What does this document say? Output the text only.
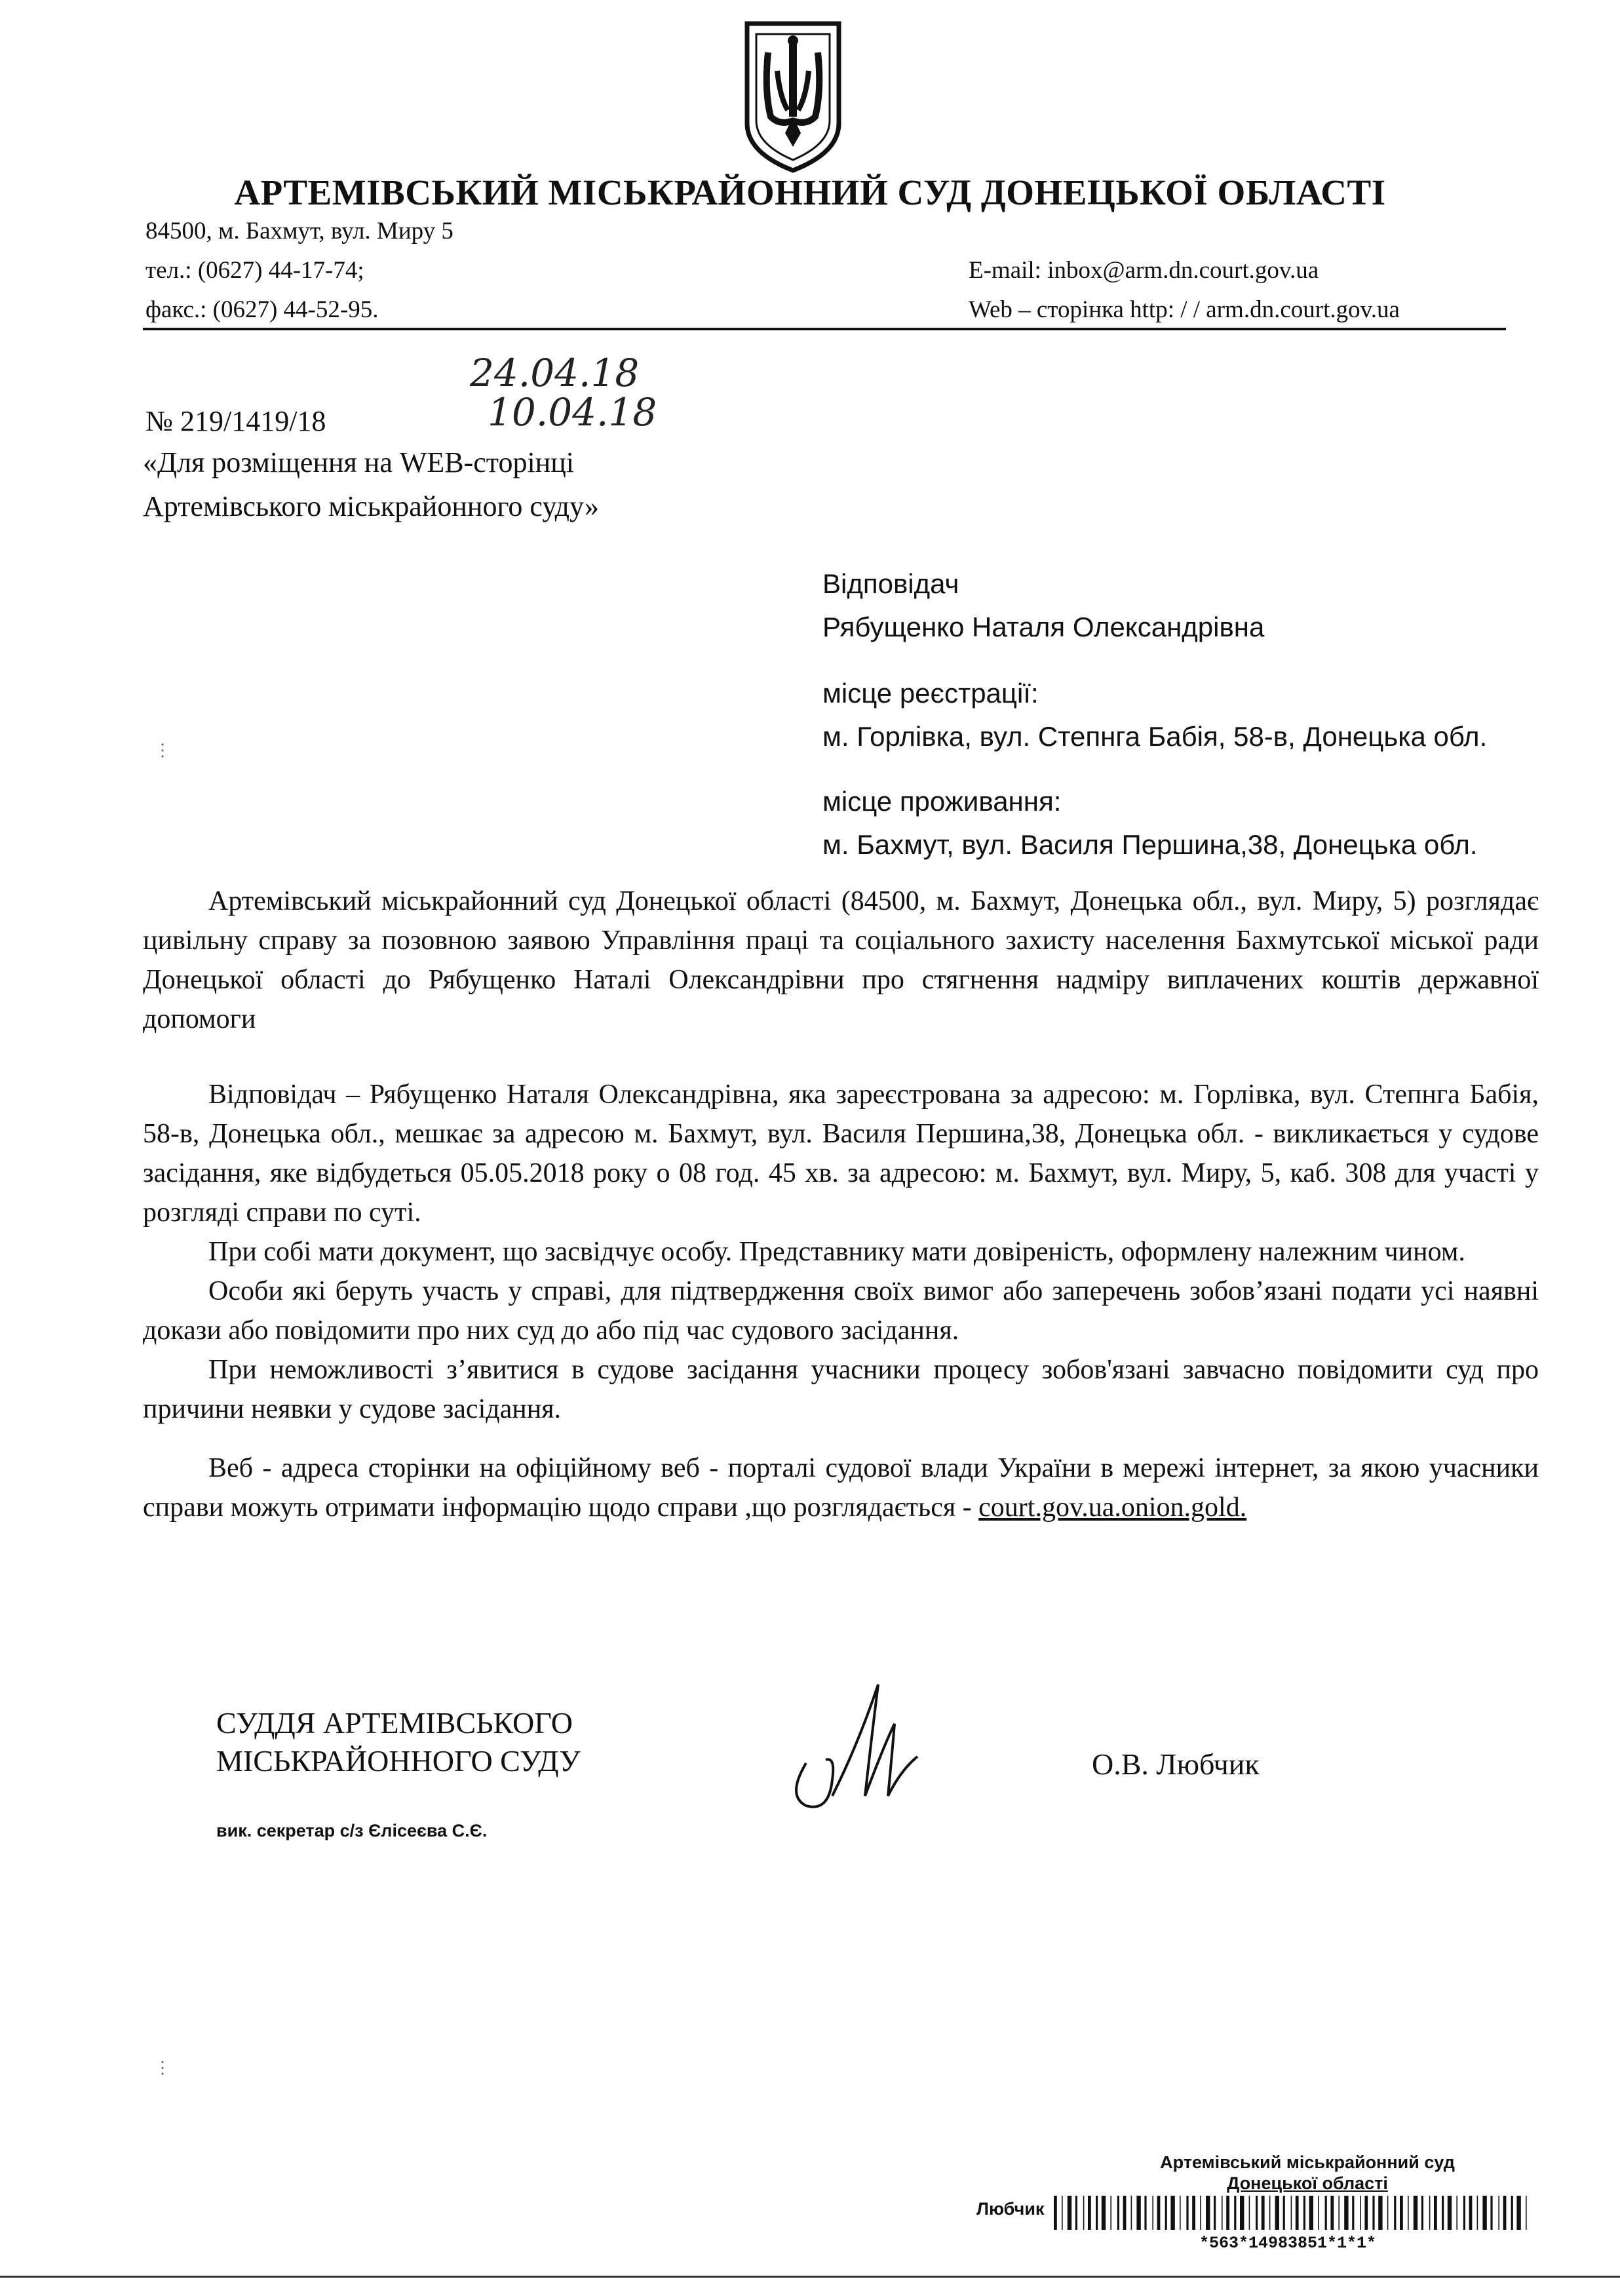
АРТЕМІВСЬКИЙ МІСЬКРАЙОННИЙ СУД ДОНЕЦЬКОЇ ОБЛАСТІ
84500, м. Бахмут, вул. Миру 5
тел.: (0627) 44-17-74;
факс.: (0627) 44-52-95.
E-mail: inbox@arm.dn.court.gov.ua
Web – сторінка http: / / arm.dn.court.gov.ua
24.04.18
10.04.18
№ 219/1419/18
«Для розміщення на WEB-сторінці
Артемівського міськрайонного суду»
Відповідач
Рябущенко Наталя Олександрівна
місце реєстрації:
м. Горлівка, вул. Степнга Бабія, 58-в, Донецька обл.
місце проживання:
м. Бахмут, вул. Василя Першина,38, Донецька обл.
⋮

Артемівський міськрайонний суд Донецької області (84500, м. Бахмут, Донецька обл., вул. Миру, 5) розглядає цивільну справу за позовною заявою Управління праці та соціального захисту населення Бахмутської міської ради Донецької області до Рябущенко Наталі Олександрівни про стягнення надміру виплачених коштів державної допомоги

Відповідач – Рябущенко Наталя Олександрівна, яка зареєстрована за адресою: м. Горлівка, вул. Степнга Бабія, 58-в, Донецька обл., мешкає за адресою м. Бахмут, вул. Василя Першина,38, Донецька обл. - викликається у судове засідання, яке відбудеться 05.05.2018 року о 08 год. 45 хв. за адресою: м. Бахмут, вул. Миру, 5, каб. 308 для участі у розгляді справи по суті.

При собі мати документ, що засвідчує особу. Представнику мати довіреність, оформлену належним чином.

Особи які беруть участь у справі, для підтвердження своїх вимог або заперечень зобов’язані подати усі наявні докази або повідомити про них суд до або під час судового засідання.

При неможливості з’явитися в судове засідання учасники процесу зобов'язані завчасно повідомити суд про причини неявки у судове засідання.

Веб - адреса сторінки на офіційному веб - порталі судової влади України в мережі інтернет, за якою учасники справи можуть отримати інформацію щодо справи ,що розглядається - court.gov.ua.onion.gold.

СУДДЯ АРТЕМІВСЬКОГО
МІСЬКРАЙОННОГО СУДУ	О.В. Любчик
вик. секретар с/з Єлісеєва С.Є.
⋮
Артемівський міськрайонний суд
Донецької області
Любчик
*563*14983851*1*1*
